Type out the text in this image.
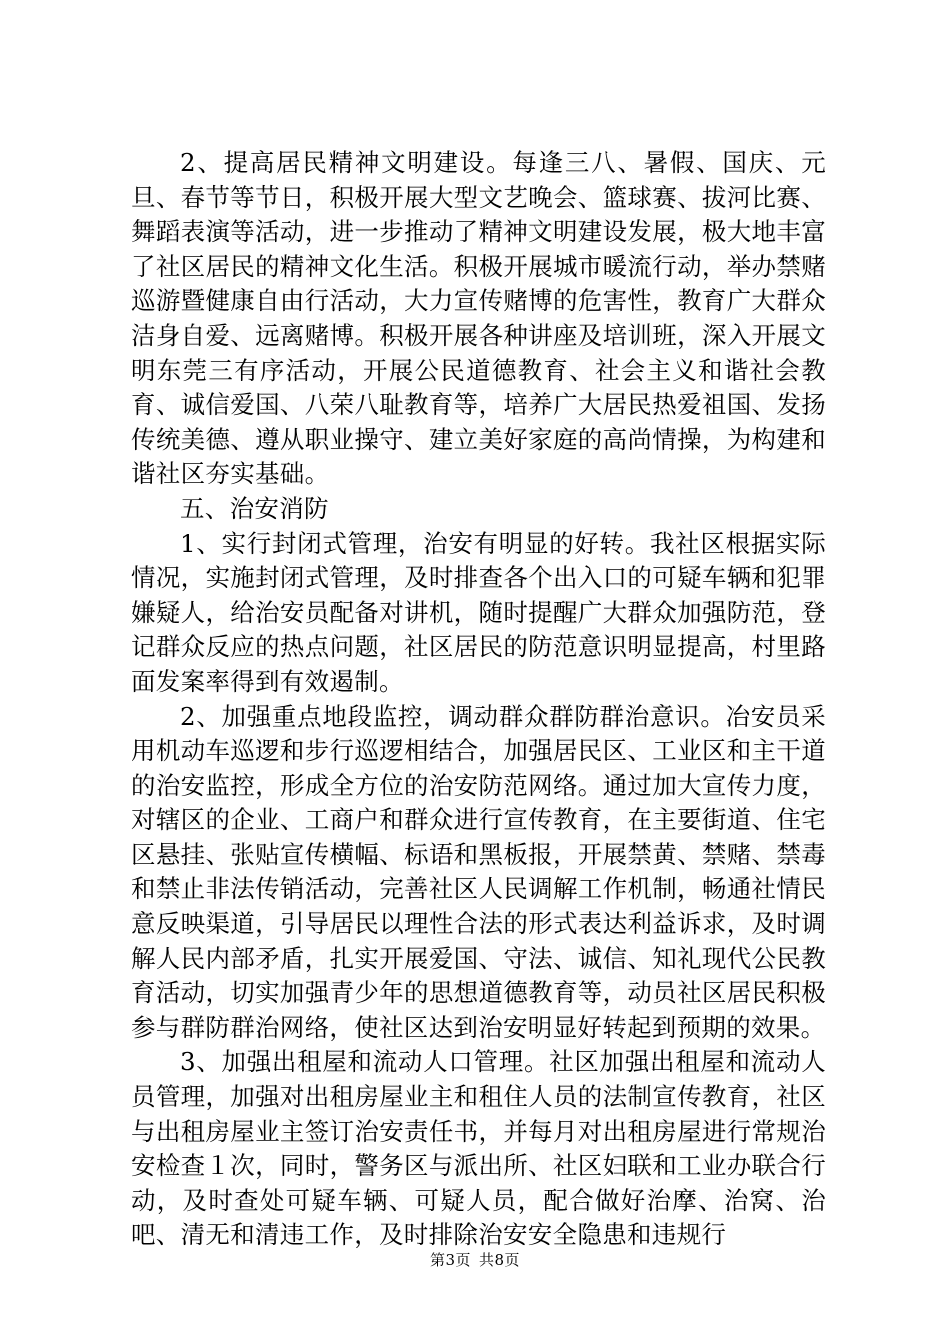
2、提高居民精神文明建设。每逢三八、暑假、国庆、元旦、春节等节日，积极开展大型文艺晚会、篮球赛、拔河比赛、舞蹈表演等活动，进一步推动了精神文明建设发展，极大地丰富了社区居民的精神文化生活。积极开展城市暖流行动，举办禁赌巡游暨健康自由行活动，大力宣传赌博的危害性，教育广大群众洁身自爱、远离赌博。积极开展各种讲座及培训班，深入开展文明东莞三有序活动，开展公民道德教育、社会主义和谐社会教育、诚信爱国、八荣八耻教育等，培养广大居民热爱祖国、发扬传统美德、遵从职业操守、建立美好家庭的高尚情操，为构建和谐社区夯实基础。

五、治安消防

1、实行封闭式管理，治安有明显的好转。我社区根据实际情况，实施封闭式管理，及时排查各个出入口的可疑车辆和犯罪嫌疑人，给治安员配备对讲机，随时提醒广大群众加强防范，登记群众反应的热点问题，社区居民的防范意识明显提高，村里路面发案率得到有效遏制。

2、加强重点地段监控，调动群众群防群治意识。冶安员采用机动车巡逻和步行巡逻相结合，加强居民区、工业区和主干道的治安监控，形成全方位的治安防范网络。通过加大宣传力度，对辖区的企业、工商户和群众进行宣传教育，在主要街道、住宅区悬挂、张贴宣传横幅、标语和黑板报，开展禁黄、禁赌、禁毒和禁止非法传销活动，完善社区人民调解工作机制，畅通社情民意反映渠道，引导居民以理性合法的形式表达利益诉求，及时调解人民内部矛盾，扎实开展爱国、守法、诚信、知礼现代公民教育活动，切实加强青少年的思想道德教育等，动员社区居民积极参与群防群治网络，使社区达到治安明显好转起到预期的效果。

3、加强出租屋和流动人口管理。社区加强出租屋和流动人员管理，加强对出租房屋业主和租住人员的法制宣传教育，社区与出租房屋业主签订治安责任书，并每月对出租房屋进行常规治安检查１次，同时，警务区与派出所、社区妇联和工业办联合行动，及时查处可疑车辆、可疑人员，配合做好治摩、治窝、治吧、清无和清违工作，及时排除治安安全隐患和违规行

第3页 共8页
